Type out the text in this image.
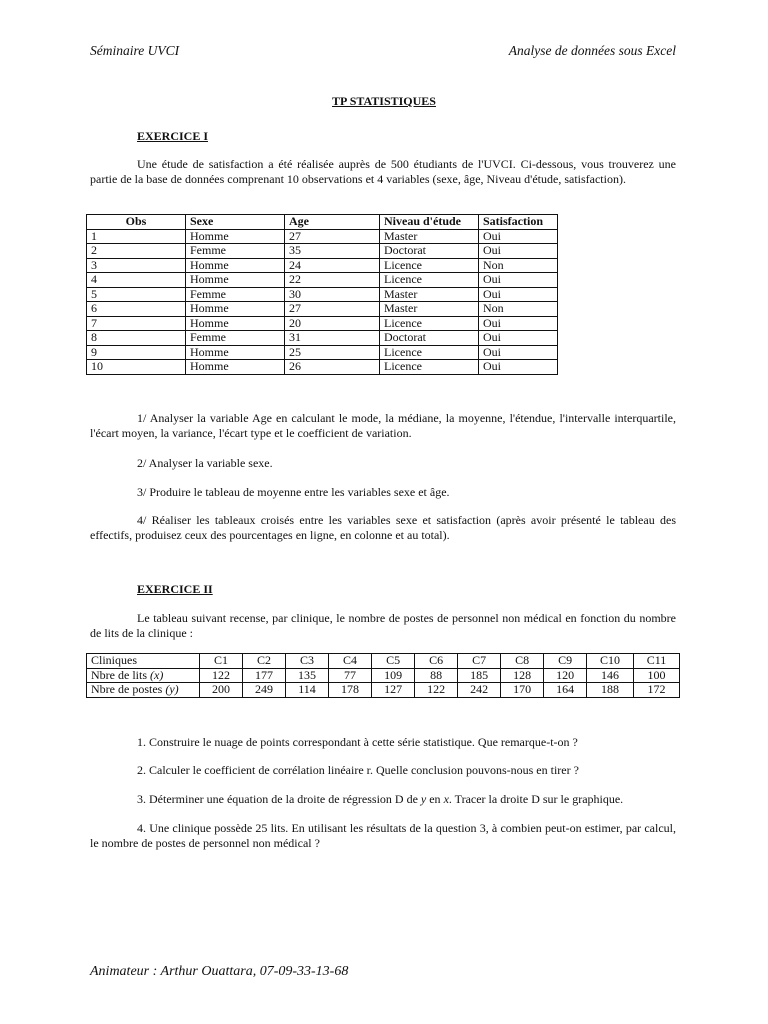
Séminaire UVCI	Analyse de données sous Excel
TP STATISTIQUES
EXERCICE I

Une étude de satisfaction a été réalisée auprès de 500 étudiants de l'UVCI. Ci-dessous, vous trouverez une partie de la base de données comprenant 10 observations et 4 variables (sexe, âge, Niveau d'étude, satisfaction).

Obs	Sexe	Age	Niveau d'étude	Satisfaction
1	Homme	27	Master	Oui
2	Femme	35	Doctorat	Oui
3	Homme	24	Licence	Non
4	Homme	22	Licence	Oui
5	Femme	30	Master	Oui
6	Homme	27	Master	Non
7	Homme	20	Licence	Oui
8	Femme	31	Doctorat	Oui
9	Homme	25	Licence	Oui
10	Homme	26	Licence	Oui

1/ Analyser la variable Age en calculant le mode, la médiane, la moyenne, l'étendue, l'intervalle interquartile, l'écart moyen, la variance, l'écart type et le coefficient de variation.

2/ Analyser la variable sexe.

3/ Produire le tableau de moyenne entre les variables sexe et âge.

4/ Réaliser les tableaux croisés entre les variables sexe et satisfaction (après avoir présenté le tableau des effectifs, produisez ceux des pourcentages en ligne, en colonne et au total).

EXERCICE II

Le tableau suivant recense, par clinique, le nombre de postes de personnel non médical en fonction du nombre de lits de la clinique :

Cliniques	C1	C2	C3	C4	C5	C6	C7	C8	C9	C10	C11
Nbre de lits (x)	122	177	135	77	109	88	185	128	120	146	100
Nbre de postes (y)	200	249	114	178	127	122	242	170	164	188	172
1. Construire le nuage de points correspondant à cette série statistique. Que remarque-t-on ?
2. Calculer le coefficient de corrélation linéaire r. Quelle conclusion pouvons-nous en tirer ?
3. Déterminer une équation de la droite de régression D de y en x. Tracer la droite D sur le graphique.

4. Une clinique possède 25 lits. En utilisant les résultats de la question 3, à combien peut-on estimer, par calcul, le nombre de postes de personnel non médical ?

Animateur : Arthur Ouattara, 07-09-33-13-68
